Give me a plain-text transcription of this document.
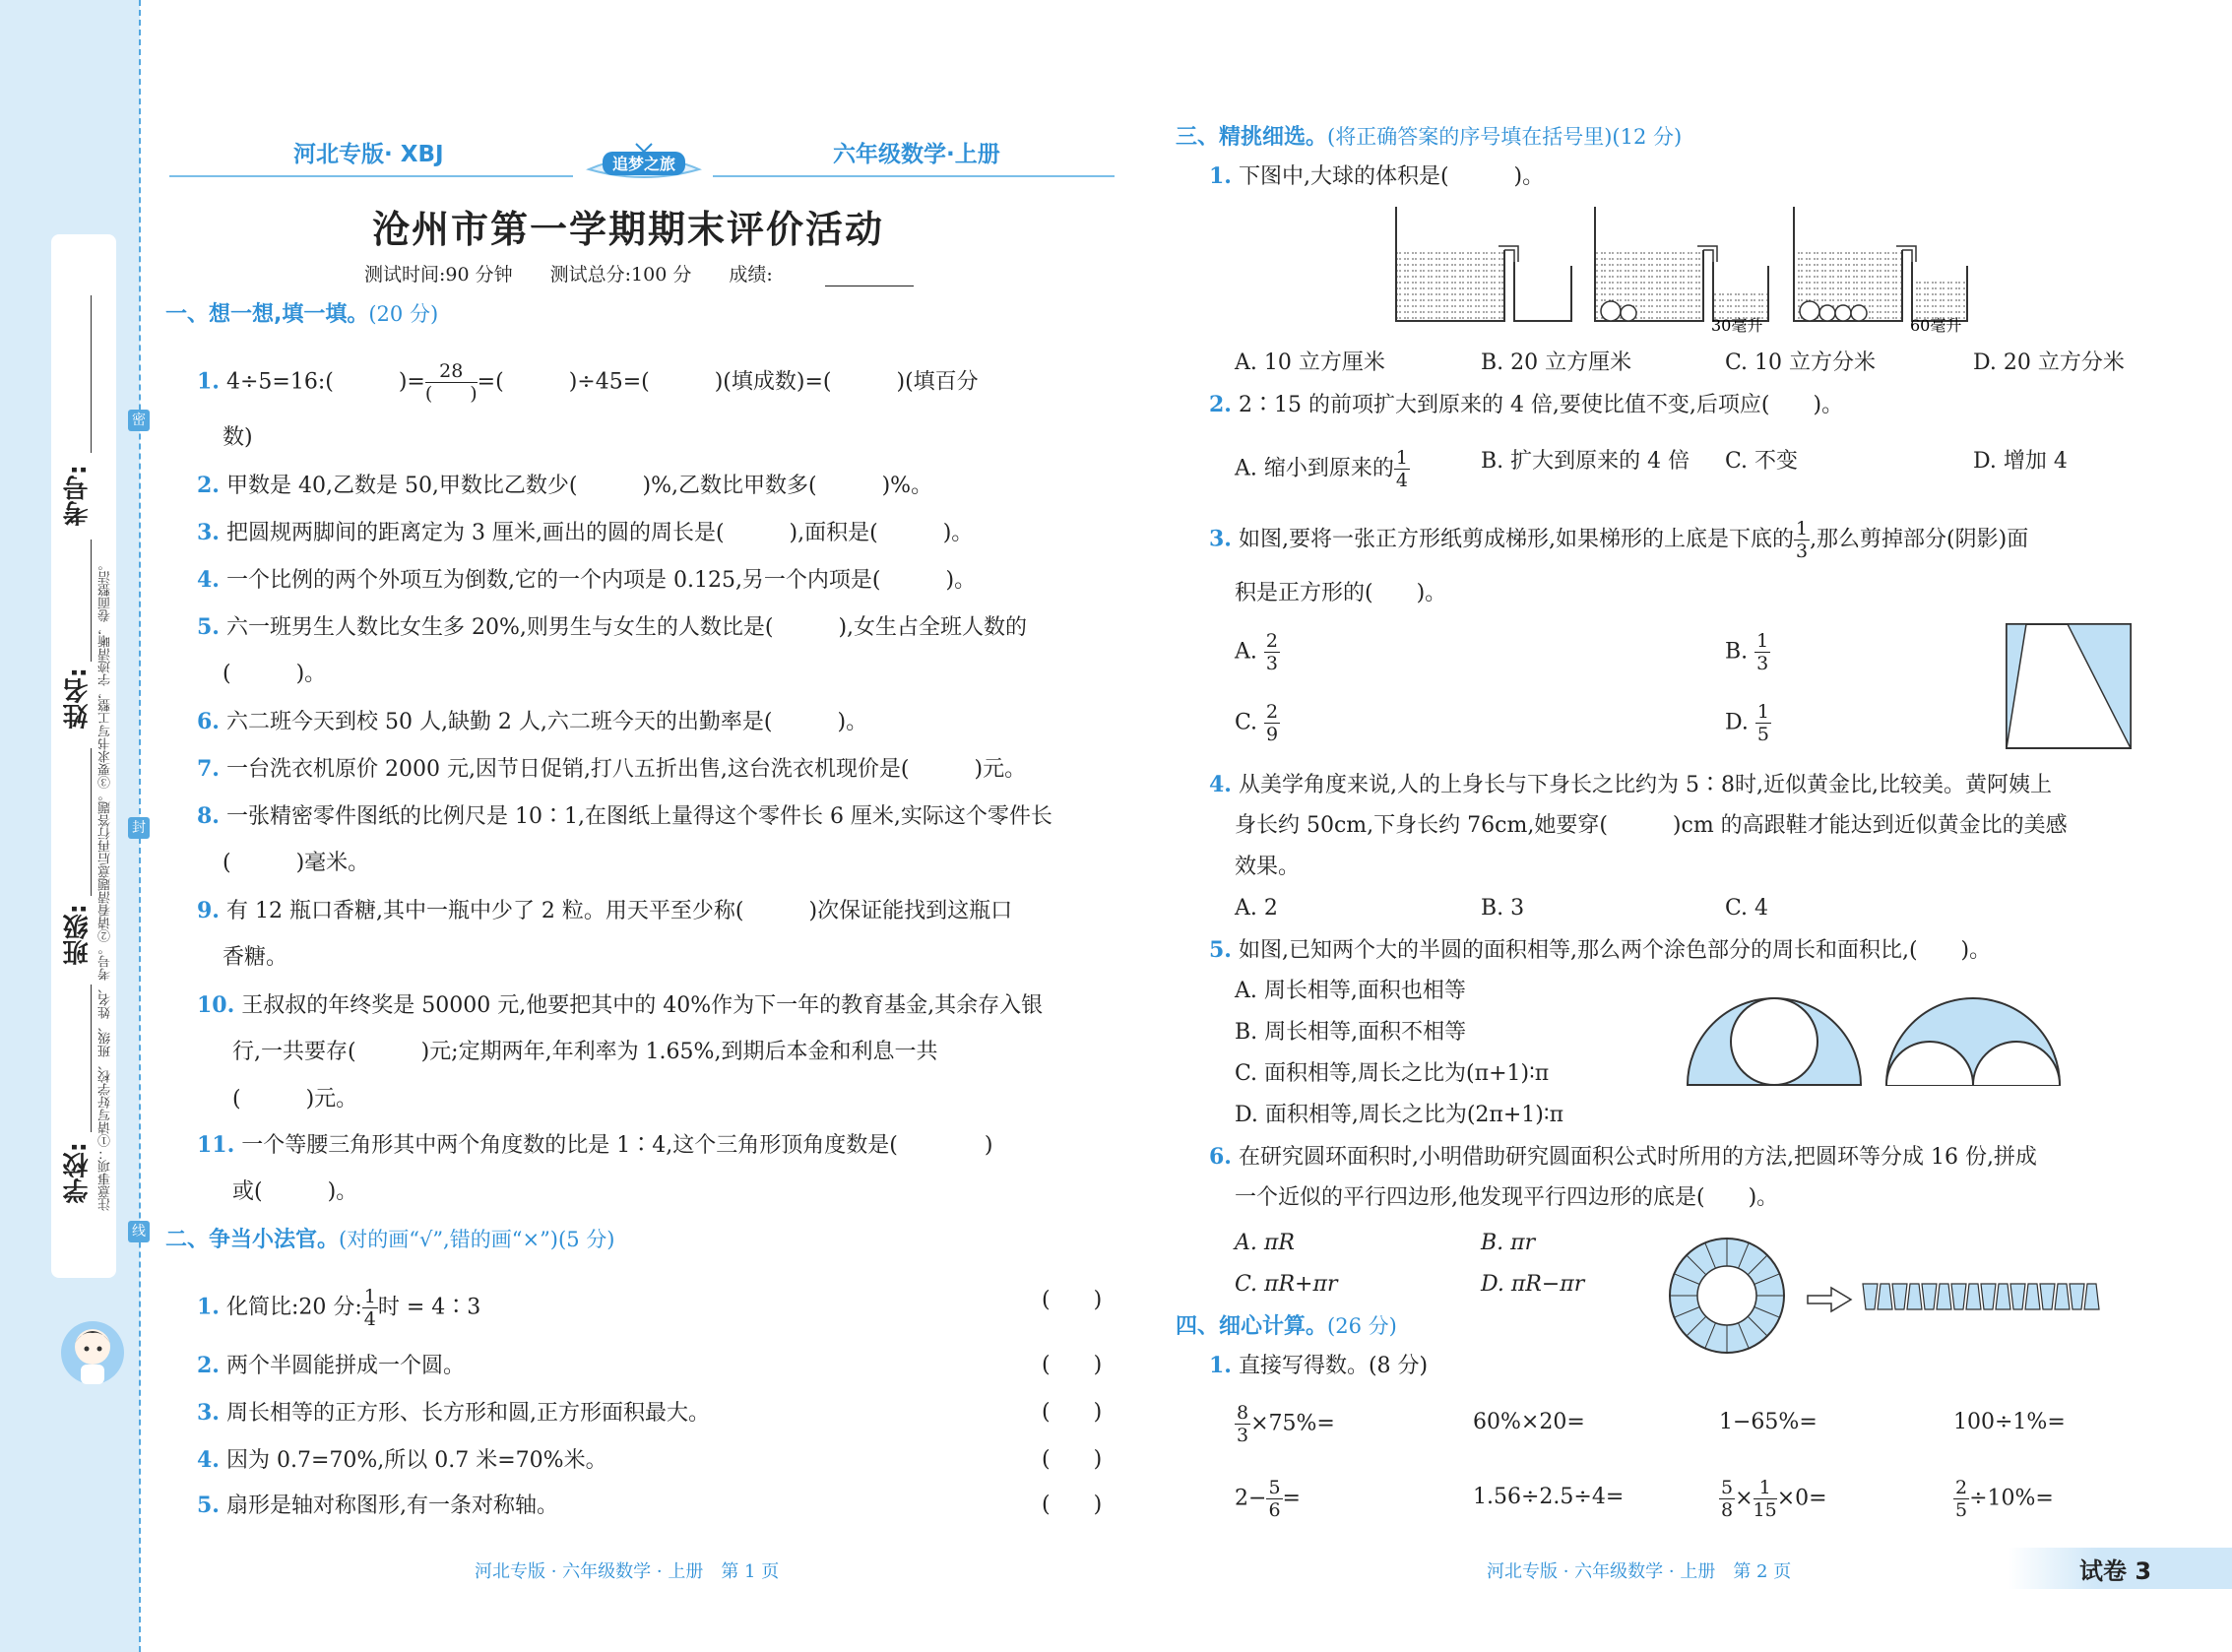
考号:
姓名:
班级:
学校: 注意事项：①请写好学校、班级、姓名、考号。②请看清题意后再行答题。③要求书写工整，字迹清晰，卷面整洁。
密
封
线
河北专版· XBJ	追梦之旅	六年级数学·上册
沧州市第一学期期末评价活动
测试时间:90 分钟　　测试总分:100 分　　成绩:
一、想一想,填一填。(20 分)
1. 4÷5=16:(　　　)= $\frac{28}{( )}$ =(　　　)÷45=(　　　)(填成数)=(　　　)(填百分
数)
2. 甲数是 40,乙数是 50,甲数比乙数少(　　　)%,乙数比甲数多(　　　)%。
3. 把圆规两脚间的距离定为 3 厘米,画出的圆的周长是(　　　),面积是(　　　)。
4. 一个比例的两个外项互为倒数,它的一个内项是 0.125,另一个内项是(　　　)。
5. 六一班男生人数比女生多 20%,则男生与女生的人数比是(　　　),女生占全班人数的
(　　　)。
6. 六二班今天到校 50 人,缺勤 2 人,六二班今天的出勤率是(　　　)。
7. 一台洗衣机原价 2000 元,因节日促销,打八五折出售,这台洗衣机现价是(　　　)元。
8. 一张精密零件图纸的比例尺是 10∶1,在图纸上量得这个零件长 6 厘米,实际这个零件长
(　　　)毫米。
9. 有 12 瓶口香糖,其中一瓶中少了 2 粒。用天平至少称(　　　)次保证能找到这瓶口
香糖。
10. 王叔叔的年终奖是 50000 元,他要把其中的 40%作为下一年的教育基金,其余存入银
行,一共要存(　　　)元;定期两年,年利率为 1.65%,到期后本金和利息一共
(　　　)元。
11. 一个等腰三角形其中两个角度数的比是 1∶4,这个三角形顶角度数是(　　　　)
或(　　　)。
二、争当小法官。(对的画“√”,错的画“×”)(5 分)
1. 化简比:20 分: $\frac{1}{4}$ 时 = 4∶3	(　　)
2. 两个半圆能拼成一个圆。	(　　)
3. 周长相等的正方形、长方形和圆,正方形面积最大。	(　　)
4. 因为 0.7=70%,所以 0.7 米=70%米。	(　　)
5. 扇形是轴对称图形,有一条对称轴。	(　　)
河北专版 · 六年级数学 · 上册　第 1 页
三、精挑细选。(将正确答案的序号填在括号里)(12 分)
1. 下图中,大球的体积是(　　　)。
30毫升	60毫升
A. 10 立方厘米	B. 20 立方厘米	C. 10 立方分米	D. 20 立方分米
2. 2∶15 的前项扩大到原来的 4 倍,要使比值不变,后项应(　　)。
A. 缩小到原来的 $\frac{1}{4}$	B. 扩大到原来的 4 倍 C. 不变	D. 增加 4
3. 如图,要将一张正方形纸剪成梯形,如果梯形的上底是下底的 $\frac{1}{3}$ ,那么剪掉部分(阴影)面
积是正方形的(　　)。
A. $\frac{2}{3}$	B. $\frac{1}{3}$
C. $\frac{2}{9}$	D. $\frac{1}{5}$
4. 从美学角度来说,人的上身长与下身长之比约为 5∶8时,近似黄金比,比较美。黄阿姨上
身长约 50cm,下身长约 76cm,她要穿(　　　)cm 的高跟鞋才能达到近似黄金比的美感
效果。
A. 2	B. 3	C. 4
5. 如图,已知两个大的半圆的面积相等,那么两个涂色部分的周长和面积比,(　　)。
A. 周长相等,面积也相等
B. 周长相等,面积不相等
C. 面积相等,周长之比为(π+1)∶π
D. 面积相等,周长之比为(2π+1)∶π
6. 在研究圆环面积时,小明借助研究圆面积公式时所用的方法,把圆环等分成 16 份,拼成
一个近似的平行四边形,他发现平行四边形的底是(　　)。
A. πR	B. πr
C. πR+πr	D. πR−πr
四、细心计算。(26 分)
1. 直接写得数。(8 分)
$\frac{8}{3} \times 75\%=$	60%×20=	1−65%=	100÷1%=
$2- \frac{5}{6}$ =	1.56÷2.5÷4=	$\frac{5}{8} \times \frac{1}{15} \times 0=$	$\frac{2}{5} \div 10\%=$
河北专版 · 六年级数学 · 上册　第 2 页	试卷 3
